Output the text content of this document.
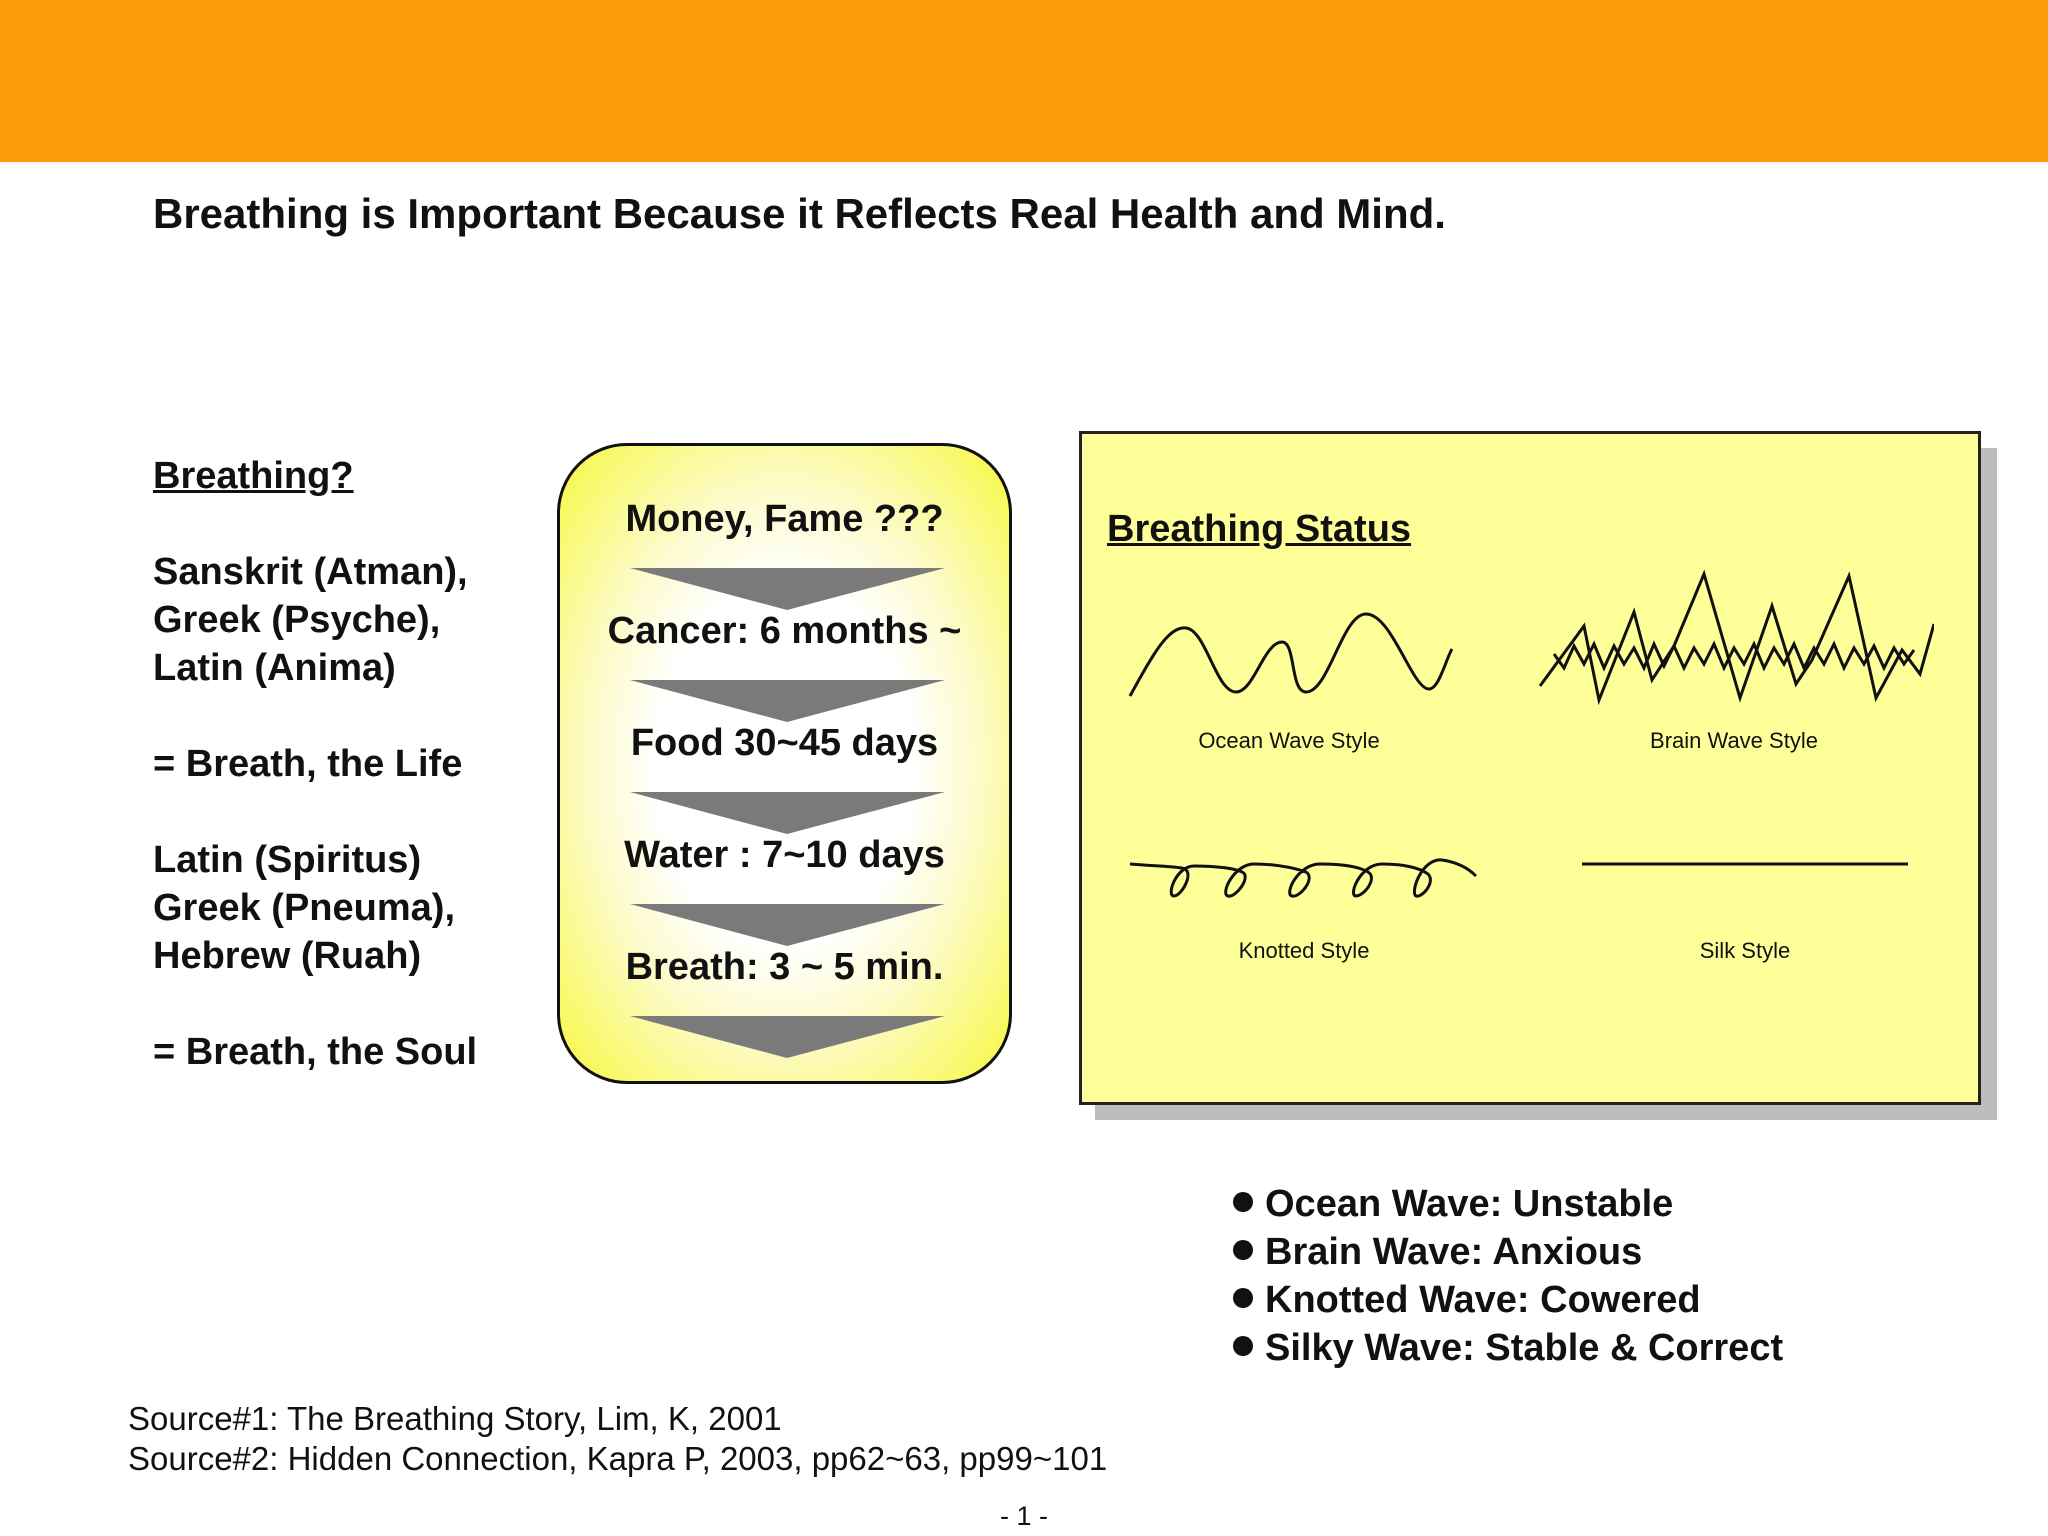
Breathing is Important Because it Reflects Real Health and Mind.
Breathing?
Sanskrit (Atman),
Greek (Psyche),
Latin (Anima)
= Breath, the Life
Latin (Spiritus)
Greek (Pneuma),
Hebrew (Ruah)
= Breath, the Soul
Money, Fame ???
Cancer: 6 months ~
Food 30~45 days
Water : 7~10 days
Breath: 3 ~ 5 min.
Breathing Status
Ocean Wave Style	Brain Wave Style
Knotted Style	Silk Style
Ocean Wave: Unstable
Brain Wave: Anxious
Knotted Wave: Cowered
Silky Wave: Stable & Correct
Source#1: The Breathing Story, Lim, K, 2001
Source#2: Hidden Connection, Kapra P, 2003, pp62~63, pp99~101
- 1 -
